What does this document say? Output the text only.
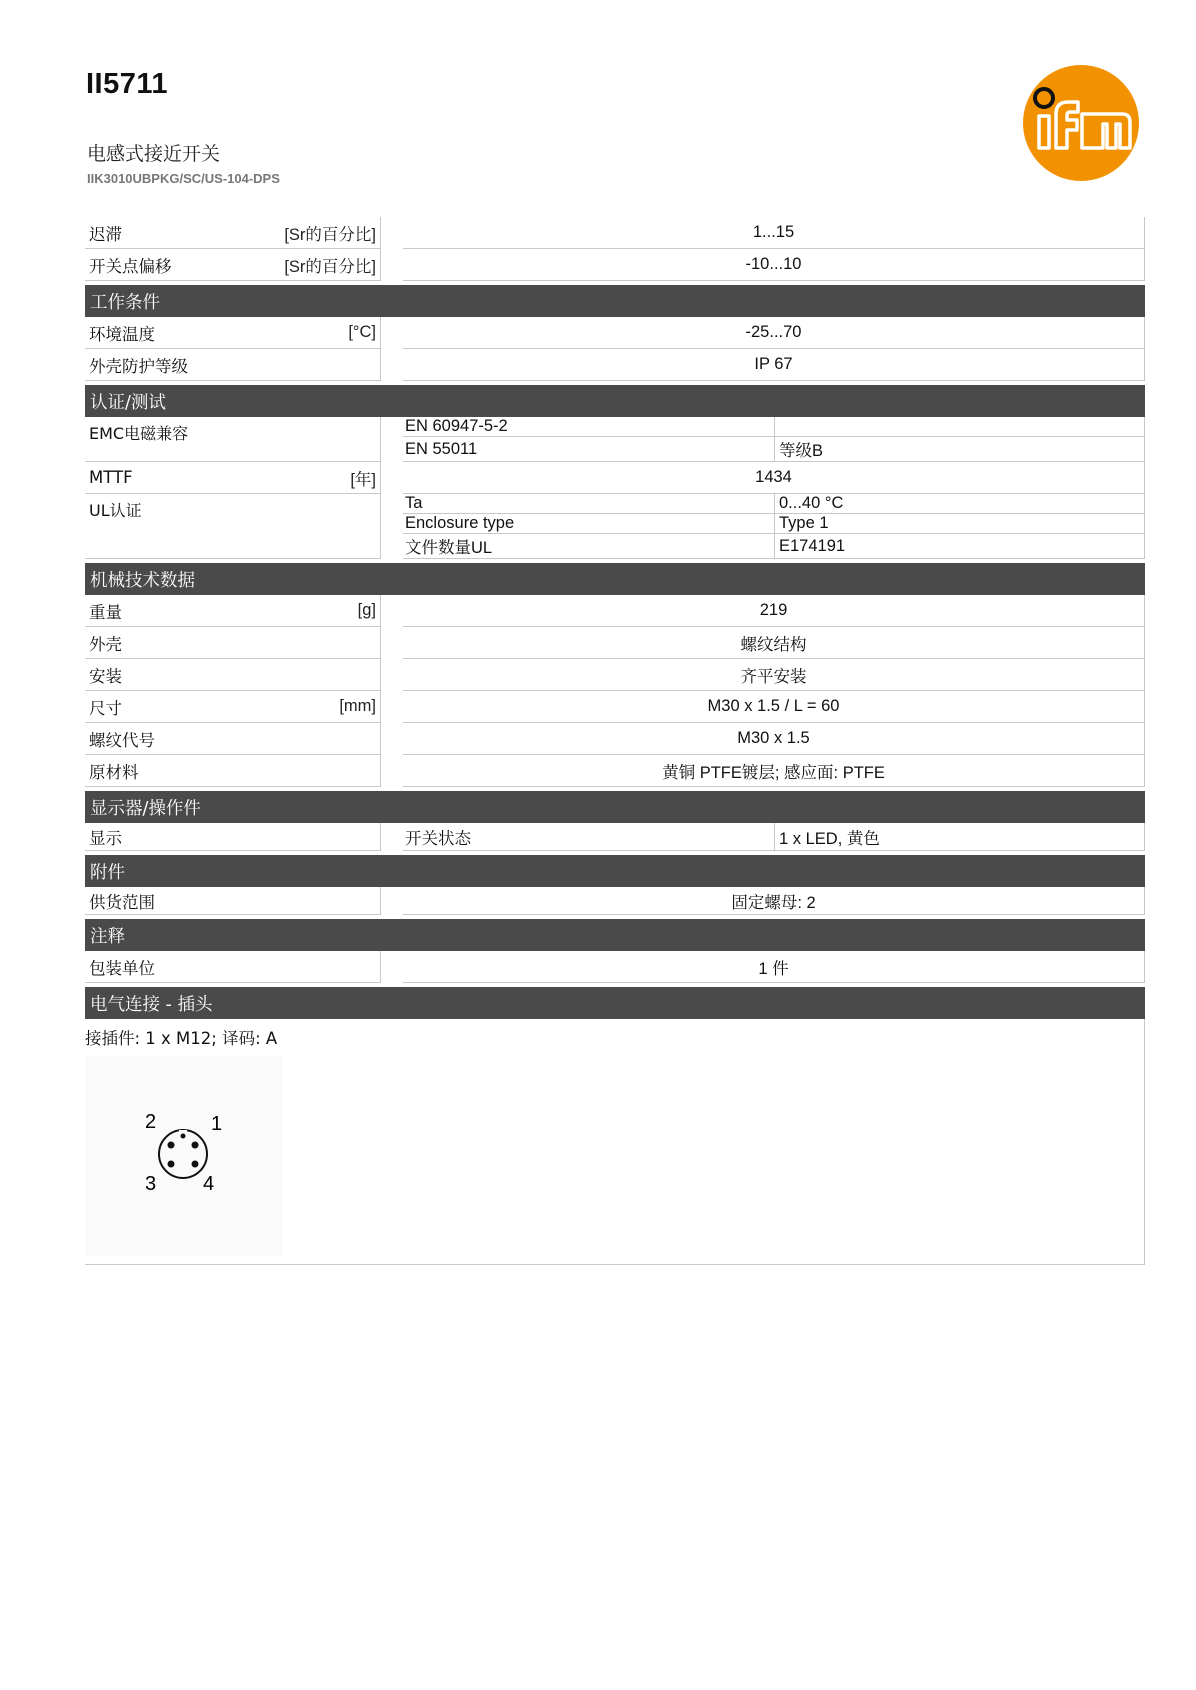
II5711
电感式接近开关
IIK3010UBPKG/SC/US-104-DPS
迟滞	[Sr的百分比]	1...15
开关点偏移	[Sr的百分比]	-10...10
工作条件
环境温度	[°C]	-25...70
外壳防护等级	IP 67
认证/测试
EMC电磁兼容	EN 60947-5-2
EN 55011	等级B
MTTF	[年]	1434
UL认证	Ta	0...40 °C
Enclosure type	Type 1
文件数量UL	E174191
机械技术数据
重量	[g]	219
外壳	螺纹结构
安装	齐平安装
尺寸	[mm]	M30 x 1.5 / L = 60
螺纹代号	M30 x 1.5
原材料	黄铜 PTFE镀层; 感应面: PTFE
显示器/操作件
显示	开关状态	1 x LED, 黄色
附件
供货范围	固定螺母: 2
注释
包装单位	1 件
电气连接 - 插头
接插件: 1 x M12; 译码: A
1
2
3 4
